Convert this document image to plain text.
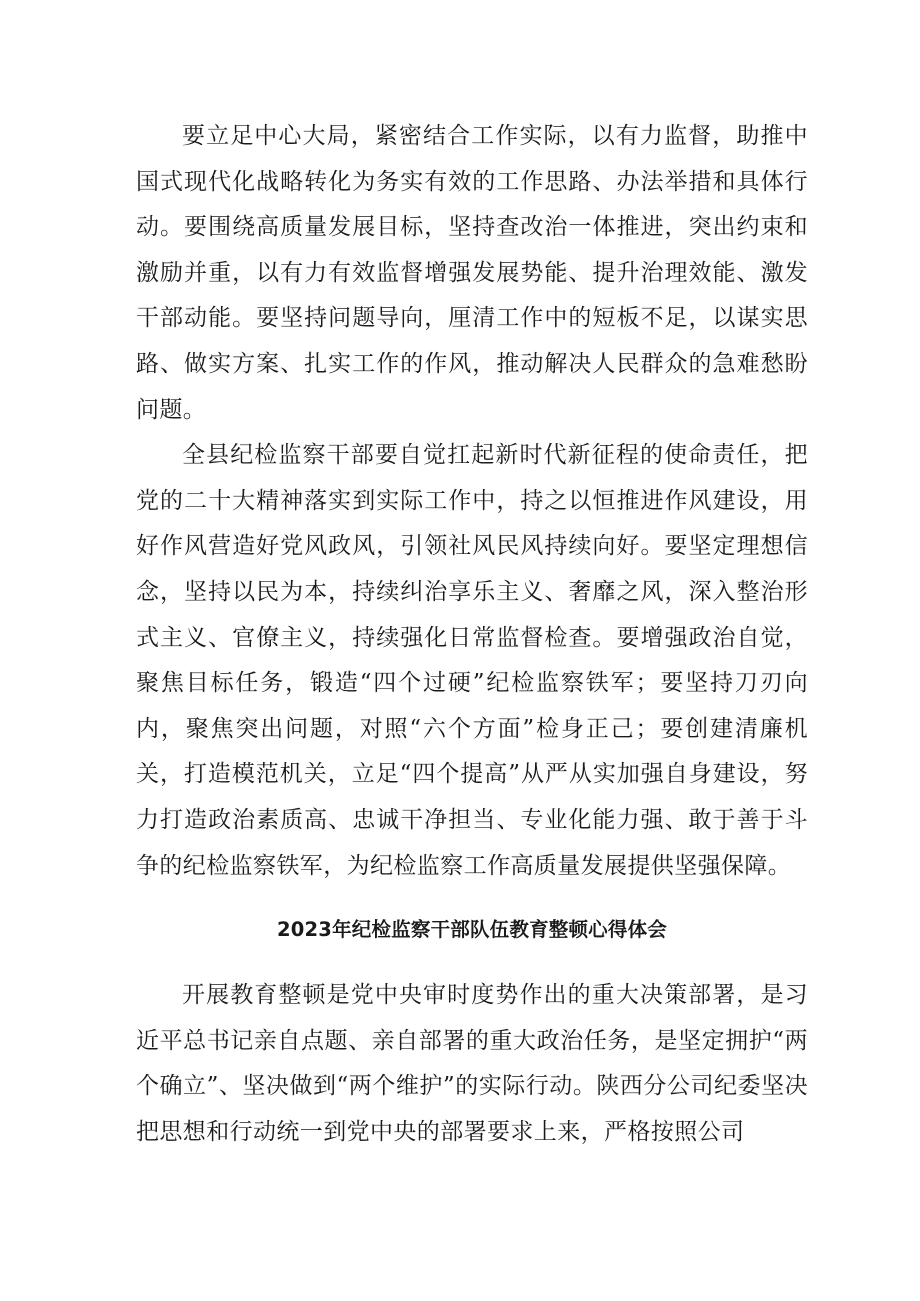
要立足中心大局，紧密结合工作实际，以有力监督，助推中国式现代化战略转化为务实有效的工作思路、办法举措和具体行动。要围绕高质量发展目标，坚持查改治一体推进，突出约束和激励并重，以有力有效监督增强发展势能、提升治理效能、激发干部动能。要坚持问题导向，厘清工作中的短板不足，以谋实思路、做实方案、扎实工作的作风，推动解决人民群众的急难愁盼问题。

全县纪检监察干部要自觉扛起新时代新征程的使命责任，把党的二十大精神落实到实际工作中，持之以恒推进作风建设，用好作风营造好党风政风，引领社风民风持续向好。要坚定理想信念，坚持以民为本，持续纠治享乐主义、奢靡之风，深入整治形式主义、官僚主义，持续强化日常监督检查。要增强政治自觉，聚焦目标任务，锻造“四个过硬”纪检监察铁军；要坚持刀刃向内，聚焦突出问题，对照“六个方面”检身正己；要创建清廉机关，打造模范机关，立足“四个提高”从严从实加强自身建设，努力打造政治素质高、忠诚干净担当、专业化能力强、敢于善于斗争的纪检监察铁军，为纪检监察工作高质量发展提供坚强保障。

2023年纪检监察干部队伍教育整顿心得体会

开展教育整顿是党中央审时度势作出的重大决策部署，是习近平总书记亲自点题、亲自部署的重大政治任务，是坚定拥护“两个确立”、坚决做到“两个维护”的实际行动。陕西分公司纪委坚决把思想和行动统一到党中央的部署要求上来，严格按照公司
